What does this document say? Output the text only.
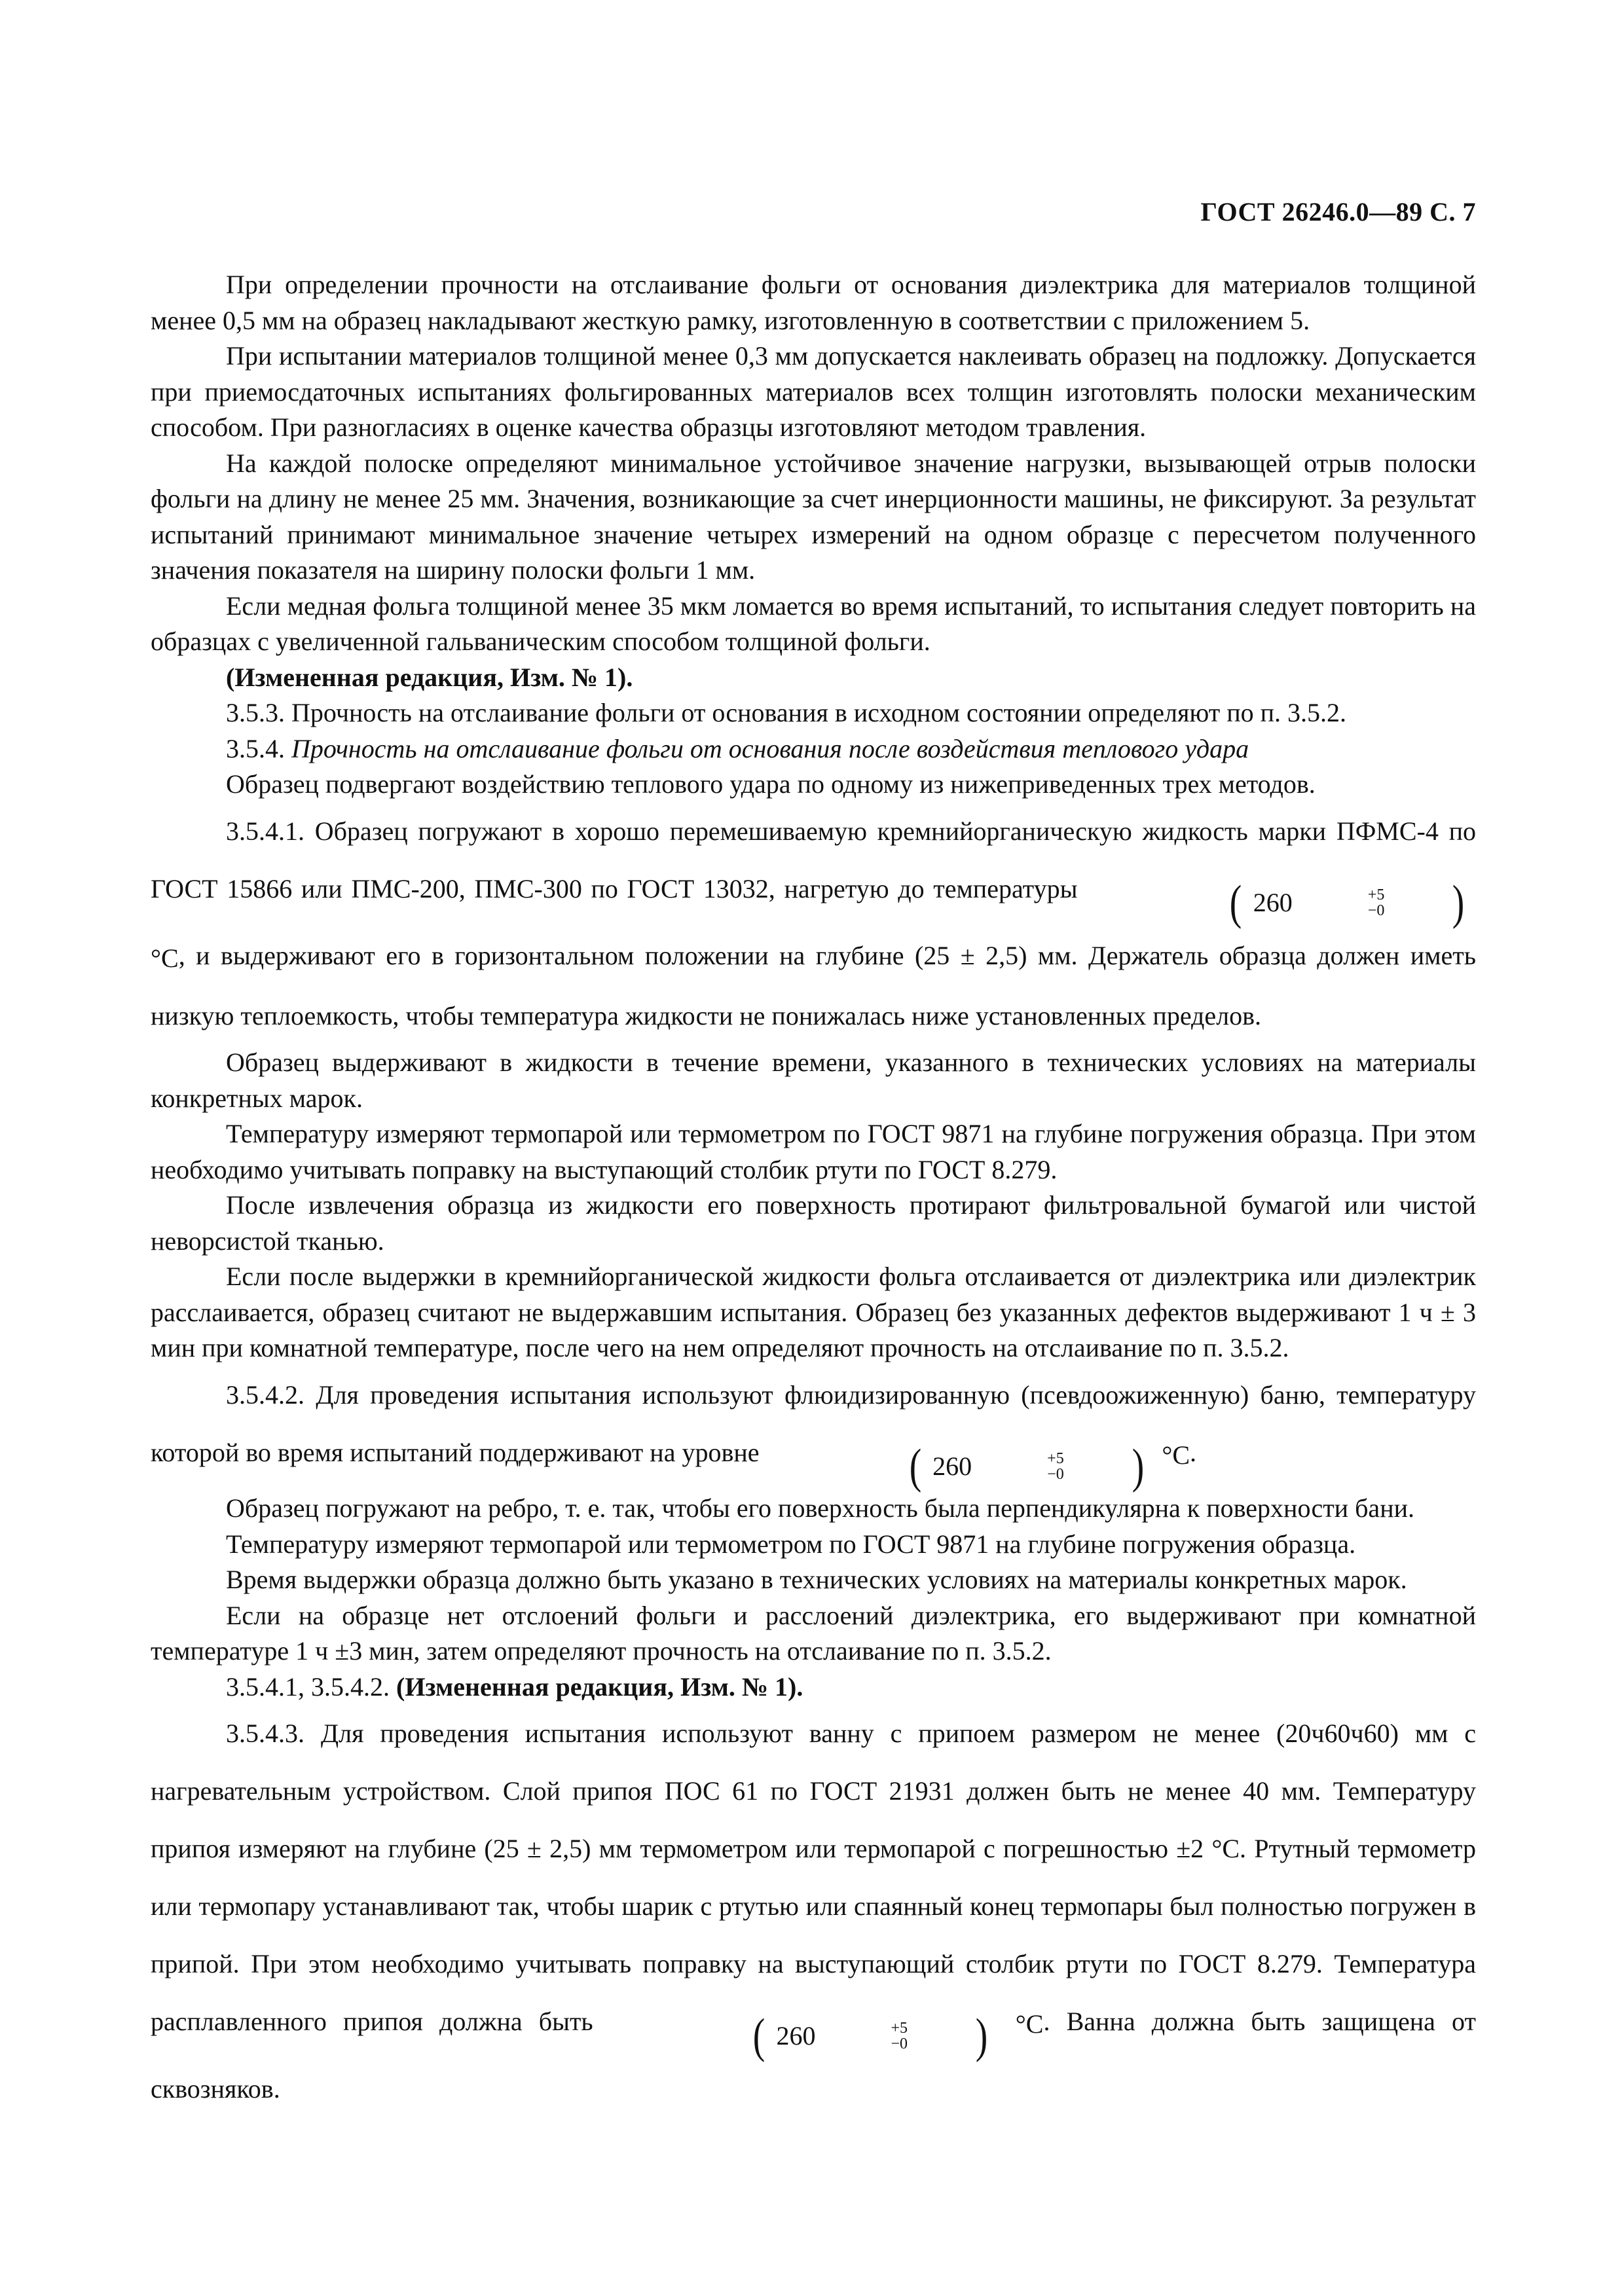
ГОСТ 26246.0—89 С. 7

При определении прочности на отслаивание фольги от основания диэлектрика для материалов толщиной менее 0,5 мм на образец накладывают жесткую рамку, изготовленную в соответствии с приложением 5.

При испытании материалов толщиной менее 0,3 мм допускается наклеивать образец на подложку. Допускается при приемосдаточных испытаниях фольгированных материалов всех толщин изготовлять полоски механическим способом. При разногласиях в оценке качества образцы изготовляют методом травления.

На каждой полоске определяют минимальное устойчивое значение нагрузки, вызывающей отрыв полоски фольги на длину не менее 25 мм. Значения, возникающие за счет инерционности машины, не фиксируют. За результат испытаний принимают минимальное значение четырех измерений на одном образце с пересчетом полученного значения показателя на ширину полоски фольги 1 мм.

Если медная фольга толщиной менее 35 мкм ломается во время испытаний, то испытания следует повторить на образцах с увеличенной гальваническим способом толщиной фольги.

(Измененная редакция, Изм. № 1).

3.5.3. Прочность на отслаивание фольги от основания в исходном состоянии определяют по п. 3.5.2.

3.5.4. Прочность на отслаивание фольги от основания после воздействия теплового удара

Образец подвергают воздействию теплового удара по одному из нижеприведенных трех методов.

3.5.4.1. Образец погружают в хорошо перемешиваемую кремнийорганическую жидкость марки ПФМС-4 по ГОСТ 15866 или ПМС-200, ПМС-300 по ГОСТ 13032, нагретую до температуры	( 260	+5
−0 )°C, и выдерживают его в горизонтальном положении на глубине (25 ± 2,5) мм. Держатель образца должен иметь низкую теплоемкость, чтобы температура жидкости не понижалась ниже установленных пределов.

Образец выдерживают в жидкости в течение времени, указанного в технических условиях на материалы конкретных марок.

Температуру измеряют термопарой или термометром по ГОСТ 9871 на глубине погружения образца. При этом необходимо учитывать поправку на выступающий столбик ртути по ГОСТ 8.279.

После извлечения образца из жидкости его поверхность протирают фильтровальной бумагой или чистой неворсистой тканью.

Если после выдержки в кремнийорганической жидкости фольга отслаивается от диэлектрика или диэлектрик расслаивается, образец считают не выдержавшим испытания. Образец без указанных дефектов выдерживают 1 ч ± 3 мин при комнатной температуре, после чего на нем определяют прочность на отслаивание по п. 3.5.2.

3.5.4.2. Для проведения испытания используют флюидизированную (псевдоожиженную) баню, температуру которой во время испытаний поддерживают на уровне	( 260	+5
−0 ) °C.

Образец погружают на ребро, т. е. так, чтобы его поверхность была перпендикулярна к поверхности бани.

Температуру измеряют термопарой или термометром по ГОСТ 9871 на глубине погружения образца.

Время выдержки образца должно быть указано в технических условиях на материалы конкретных марок.

Если на образце нет отслоений фольги и расслоений диэлектрика, его выдерживают при комнатной температуре 1 ч ±3 мин, затем определяют прочность на отслаивание по п. 3.5.2.

3.5.4.1, 3.5.4.2. (Измененная редакция, Изм. № 1).

3.5.4.3. Для проведения испытания используют ванну с припоем размером не менее (20ч60ч60) мм с нагревательным устройством. Слой припоя ПОС 61 по ГОСТ 21931 должен быть не менее 40 мм. Температуру припоя измеряют на глубине (25 ± 2,5) мм термометром или термопарой с погрешностью ±2 °С. Ртутный термометр или термопару устанавливают так, чтобы шарик с ртутью или спаянный конец термопары был полностью погружен в припой. При этом необходимо учитывать поправку на выступающий столбик ртути по ГОСТ 8.279. Температура расплавленного припоя должна быть	( 260	+5
−0 ) °C. Ванна должна быть защищена от сквозняков.
